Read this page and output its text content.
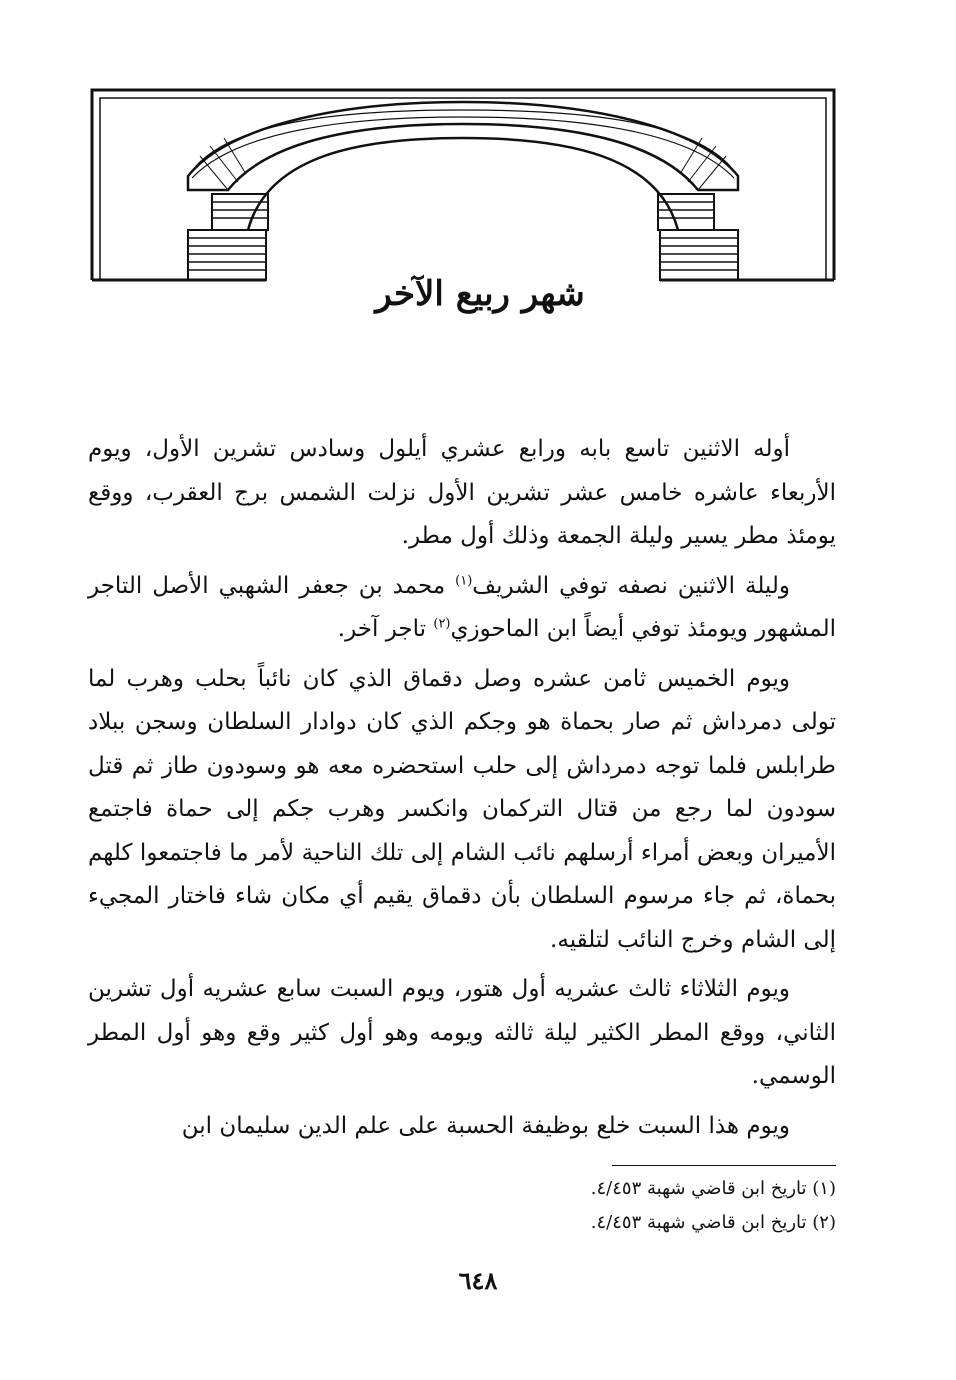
شهر ربيع الآخر

أوله الاثنين تاسع بابه ورابع عشري أيلول وسادس تشرين الأول، ويوم الأربعاء عاشره خامس عشر تشرين الأول نزلت الشمس برج العقرب، ووقع يومئذ مطر يسير وليلة الجمعة وذلك أول مطر.

وليلة الاثنين نصفه توفي الشريف$^{(١)}$ محمد بن جعفر الشهبي الأصل التاجر المشهور ويومئذ توفي أيضاً ابن الماحوزي$^{(٢)}$ تاجر آخر.

ويوم الخميس ثامن عشره وصل دقماق الذي كان نائباً بحلب وهرب لما تولى دمرداش ثم صار بحماة هو وجكم الذي كان دوادار السلطان وسجن ببلاد طرابلس فلما توجه دمرداش إلى حلب استحضره معه هو وسودون طاز ثم قتل سودون لما رجع من قتال التركمان وانكسر وهرب جكم إلى حماة فاجتمع الأميران وبعض أمراء أرسلهم نائب الشام إلى تلك الناحية لأمر ما فاجتمعوا كلهم بحماة، ثم جاء مرسوم السلطان بأن دقماق يقيم أي مكان شاء فاختار المجيء إلى الشام وخرج النائب لتلقيه.

ويوم الثلاثاء ثالث عشريه أول هتور، ويوم السبت سابع عشريه أول تشرين الثاني، ووقع المطر الكثير ليلة ثالثه ويومه وهو أول كثير وقع وهو أول المطر الوسمي.

ويوم هذا السبت خلع بوظيفة الحسبة على علم الدين سليمان ابن

(١) تاريخ ابن قاضي شهبة ٤/٤٥٣.
(٢) تاريخ ابن قاضي شهبة ٤/٤٥٣.
٦٤٨
